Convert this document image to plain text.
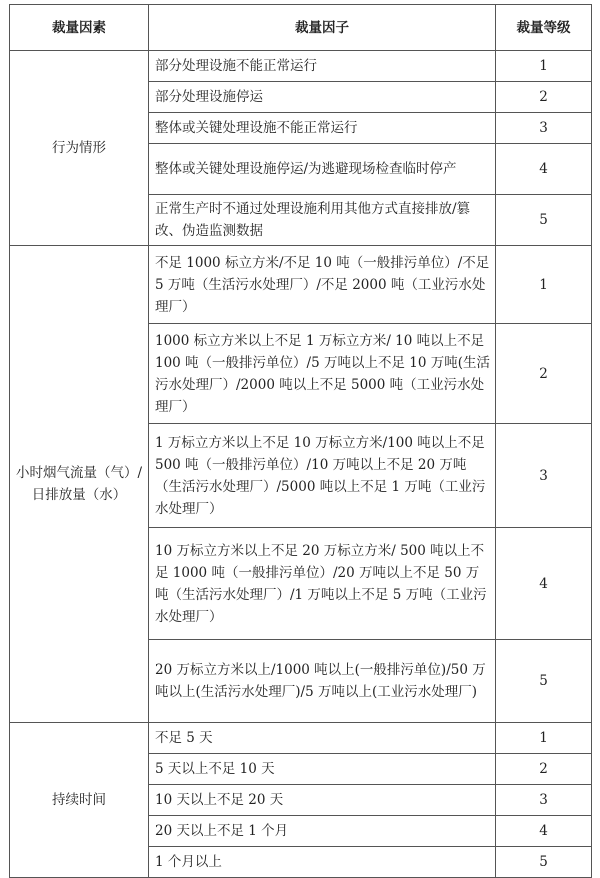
裁量因素	裁量因子	裁量等级
行为情形	部分处理设施不能正常运行	1
	部分处理设施停运	2
	整体或关键处理设施不能正常运行	3
	整体或关键处理设施停运/为逃避现场检查临时停产	4
	正常生产时不通过处理设施利用其他方式直接排放/篡改、伪造监测数据	5
小时烟气流量（气）/日排放量（水）	不足 1000 标立方米/不足 10 吨（一般排污单位）/不足 5 万吨（生活污水处理厂）/不足 2000 吨（工业污水处理厂）	1
	1000 标立方米以上不足 1 万标立方米/ 10 吨以上不足 100 吨（一般排污单位）/5 万吨以上不足 10 万吨(生活污水处理厂）/2000 吨以上不足 5000 吨（工业污水处理厂）	2
	1 万标立方米以上不足 10 万标立方米/100 吨以上不足 500 吨（一般排污单位）/10 万吨以上不足 20 万吨（生活污水处理厂）/5000 吨以上不足 1 万吨（工业污水处理厂）	3
	10 万标立方米以上不足 20 万标立方米/ 500 吨以上不足 1000 吨（一般排污单位）/20 万吨以上不足 50 万吨（生活污水处理厂）/1 万吨以上不足 5 万吨（工业污水处理厂）	4
	20 万标立方米以上/1000 吨以上(一般排污单位)/50 万吨以上(生活污水处理厂)/5 万吨以上(工业污水处理厂)	5
持续时间	不足 5 天	1
	5 天以上不足 10 天	2
	10 天以上不足 20 天	3
	20 天以上不足 1 个月	4
	1 个月以上	5
